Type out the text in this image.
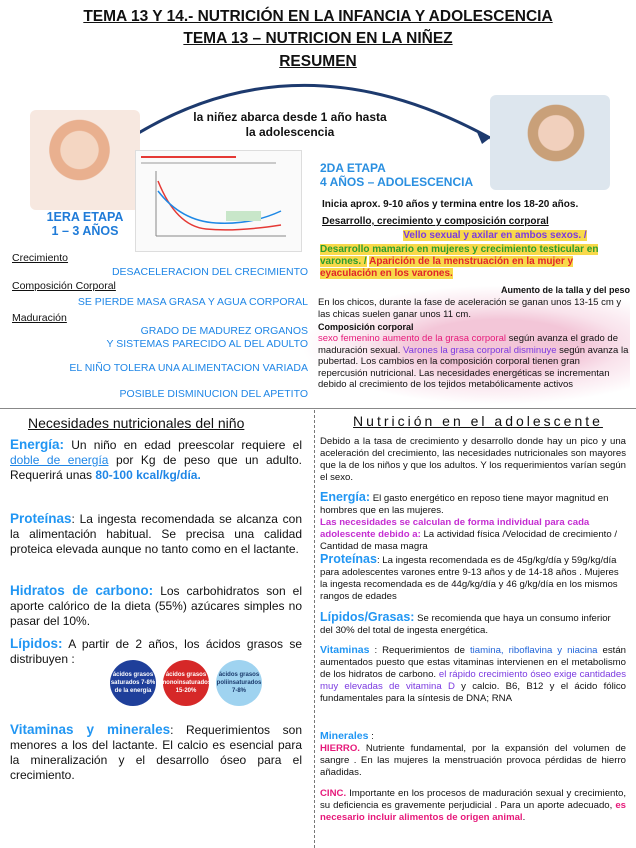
TEMA 13 Y 14.- NUTRICIÓN EN LA INFANCIA Y ADOLESCENCIA
TEMA 13 – NUTRICION EN LA NIÑEZ
RESUMEN
la niñez abarca desde 1 año hasta la adolescencia
1ERA ETAPA
1 – 3 AÑOS
2DA ETAPA
4 AÑOS – ADOLESCENCIA
Crecimiento
DESACELERACION DEL CRECIMIENTO
Composición Corporal
SE PIERDE MASA GRASA Y AGUA CORPORAL
Maduración
GRADO DE MADUREZ ORGANOS
Y SISTEMAS PARECIDO AL DEL ADULTO
EL NIÑO TOLERA UNA ALIMENTACION VARIADA
POSIBLE DISMINUCION DEL APETITO
Inicia aprox. 9-10 años y termina entre los 18-20 años.
Desarrollo, crecimiento y composición corporal
Vello sexual y axilar en ambos sexos. /
Desarrollo mamario en mujeres y crecimiento testicular en varones. / Aparición de la menstruación en la mujer y eyaculación en los varones.
Aumento de la talla y del peso
En los chicos, durante la fase de aceleración se ganan unos 13-15 cm y las chicas suelen ganar unos 11 cm.
Composición corporal
sexo femenino aumento de la grasa corporal según avanza el grado de maduración sexual. Varones la grasa corporal disminuye según avanza la pubertad. Los cambios en la composición corporal tienen gran repercusión nutricional. Las necesidades energéticas se incrementan debido al crecimiento de los tejidos metabólicamente activos
Necesidades nutricionales del niño
Energía: Un niño en edad preescolar requiere el doble de energía por Kg de peso que un adulto. Requerirá unas 80-100 kcal/kg/día.
Proteínas: La ingesta recomendada se alcanza con la alimentación habitual. Se precisa una calidad proteica elevada aunque no tanto como en el lactante.
Hidratos de carbono: Los carbohidratos son el aporte calórico de la dieta (55%) azúcares simples no pasar del 10%.
Lípidos: A partir de 2 años, los ácidos grasos se distribuyen :
ácidos grasos saturados 7-8% de la energía
ácidos grasos monoinsaturados 15-20%
ácidos grasos poliinsaturados 7-8%
Vitaminas y minerales: Requerimientos son menores a los del lactante. El calcio es esencial para la mineralización y el desarrollo óseo para el crecimiento.
Nutrición en el adolescente
Debido a la tasa de crecimiento y desarrollo donde hay un pico y una aceleración del crecimiento, las necesidades nutricionales son mayores que la de los niños y que los adultos. Y los requerimientos varían según el sexo.
Energía: El gasto energético en reposo tiene mayor magnitud en hombres que en las mujeres.
Las necesidades se calculan de forma individual para cada adolescente debido a: La actividad física /Velocidad de crecimiento / Cantidad de masa magra
Proteínas: La ingesta recomendada es de 45g/kg/día y 59g/kg/día para adolescentes varones entre 9-13 años y de 14-18 años . Mujeres la ingesta recomendada es de 44g/kg/día y 46 g/kg/día en los mismos rangos de edades
Lípidos/Grasas: Se recomienda que haya un consumo inferior del 30% del total de ingesta energética.
Vitaminas : Requerimientos de tiamina, riboflavina y niacina están aumentados puesto que estas vitaminas intervienen en el metabolismo de los hidratos de carbono. el rápido crecimiento óseo exige cantidades muy elevadas de vitamina D y calcio. B6, B12 y el ácido fólico fundamentales para la síntesis de DNA; RNA
Minerales :
HIERRO. Nutriente fundamental, por la expansión del volumen de sangre . En las mujeres la menstruación provoca pérdidas de hierro añadidas.
CINC. Importante en los procesos de maduración sexual y crecimiento, su deficiencia es gravemente perjudicial . Para un aporte adecuado, es necesario incluir alimentos de origen animal.
